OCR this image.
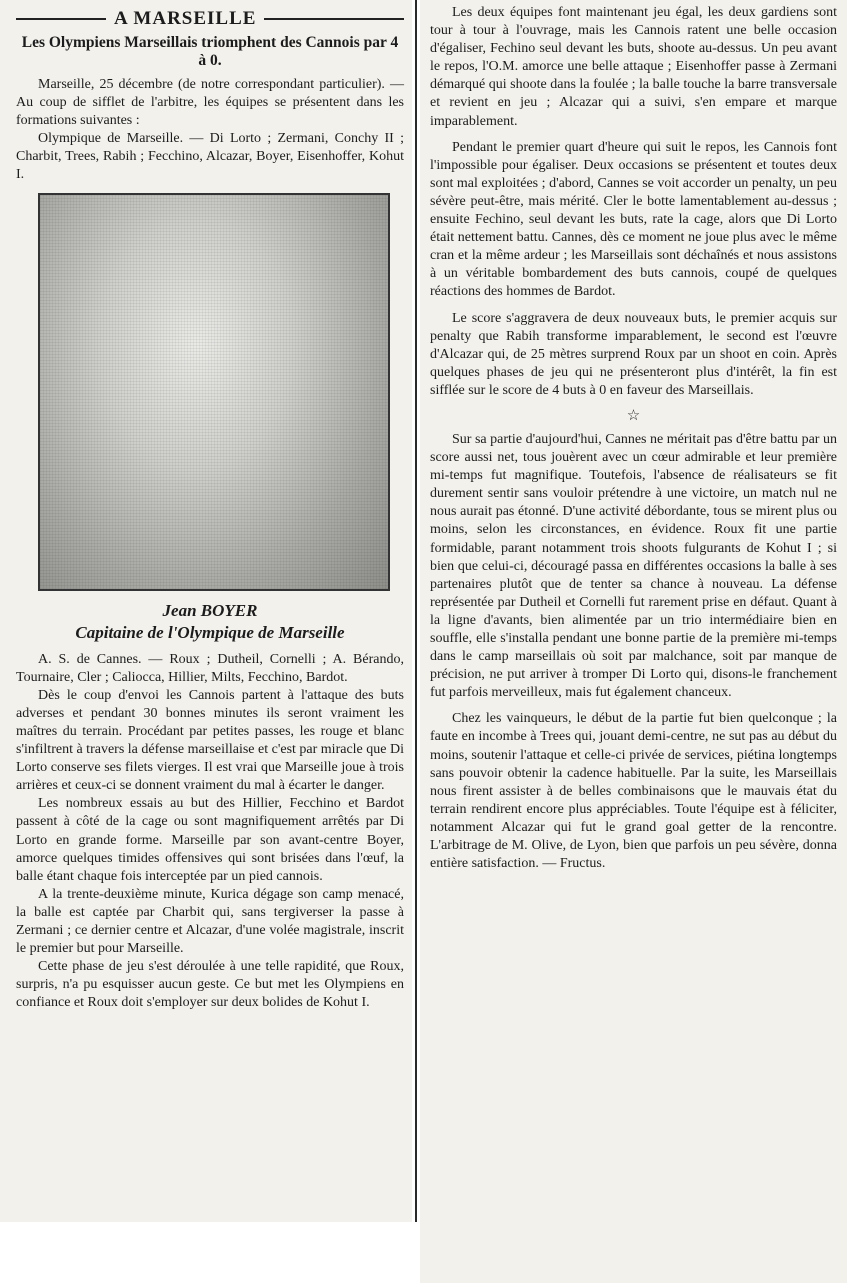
A MARSEILLE
Les Olympiens Marseillais triomphent des Cannois par 4 à 0.

Marseille, 25 décembre (de notre correspondant particulier). — Au coup de sifflet de l'arbitre, les équipes se présentent dans les formations suivantes :

Olympique de Marseille. — Di Lorto ; Zermani, Conchy II ; Charbit, Trees, Rabih ; Fecchino, Alcazar, Boyer, Eisenhoffer, Kohut I.

Jean BOYER
Capitaine de l'Olympique de Marseille

A. S. de Cannes. — Roux ; Dutheil, Cornelli ; A. Bérando, Tournaire, Cler ; Caliocca, Hillier, Milts, Fecchino, Bardot.

Dès le coup d'envoi les Cannois partent à l'attaque des buts adverses et pendant 30 bonnes minutes ils seront vraiment les maîtres du terrain. Procédant par petites passes, les rouge et blanc s'infiltrent à travers la défense marseillaise et c'est par miracle que Di Lorto conserve ses filets vierges. Il est vrai que Marseille joue à trois arrières et ceux-ci se donnent vraiment du mal à écarter le danger.

Les nombreux essais au but des Hillier, Fecchino et Bardot passent à côté de la cage ou sont magnifiquement arrêtés par Di Lorto en grande forme. Marseille par son avant-centre Boyer, amorce quelques timides offensives qui sont brisées dans l'œuf, la balle étant chaque fois interceptée par un pied cannois.

A la trente-deuxième minute, Kurica dégage son camp menacé, la balle est captée par Charbit qui, sans tergiverser la passe à Zermani ; ce dernier centre et Alcazar, d'une volée magistrale, inscrit le premier but pour Marseille.

Cette phase de jeu s'est déroulée à une telle rapidité, que Roux, surpris, n'a pu esquisser aucun geste. Ce but met les Olympiens en confiance et Roux doit s'employer sur deux bolides de Kohut I.

Les deux équipes font maintenant jeu égal, les deux gardiens sont tour à tour à l'ouvrage, mais les Cannois ratent une belle occasion d'égaliser, Fechino seul devant les buts, shoote au-dessus. Un peu avant le repos, l'O.M. amorce une belle attaque ; Eisenhoffer passe à Zermani démarqué qui shoote dans la foulée ; la balle touche la barre transversale et revient en jeu ; Alcazar qui a suivi, s'en empare et marque imparablement.

Pendant le premier quart d'heure qui suit le repos, les Cannois font l'impossible pour égaliser. Deux occasions se présentent et toutes deux sont mal exploitées ; d'abord, Cannes se voit accorder un penalty, un peu sévère peut-être, mais mérité. Cler le botte lamentablement au-dessus ; ensuite Fechino, seul devant les buts, rate la cage, alors que Di Lorto était nettement battu. Cannes, dès ce moment ne joue plus avec le même cran et la même ardeur ; les Marseillais sont déchaînés et nous assistons à un véritable bombardement des buts cannois, coupé de quelques réactions des hommes de Bardot.

Le score s'aggravera de deux nouveaux buts, le premier acquis sur penalty que Rabih transforme imparablement, le second est l'œuvre d'Alcazar qui, de 25 mètres surprend Roux par un shoot en coin. Après quelques phases de jeu qui ne présenteront plus d'intérêt, la fin est sifflée sur le score de 4 buts à 0 en faveur des Marseillais.

☆

Sur sa partie d'aujourd'hui, Cannes ne méritait pas d'être battu par un score aussi net, tous jouèrent avec un cœur admirable et leur première mi-temps fut magnifique. Toutefois, l'absence de réalisateurs se fit durement sentir sans vouloir prétendre à une victoire, un match nul ne nous aurait pas étonné. D'une activité débordante, tous se mirent plus ou moins, selon les circonstances, en évidence. Roux fit une partie formidable, parant notamment trois shoots fulgurants de Kohut I ; si bien que celui-ci, découragé passa en différentes occasions la balle à ses partenaires plutôt que de tenter sa chance à nouveau. La défense représentée par Dutheil et Cornelli fut rarement prise en défaut. Quant à la ligne d'avants, bien alimentée par un trio intermédiaire bien en souffle, elle s'installa pendant une bonne partie de la première mi-temps dans le camp marseillais où soit par malchance, soit par manque de précision, ne put arriver à tromper Di Lorto qui, disons-le franchement fut parfois merveilleux, mais fut également chanceux.

Chez les vainqueurs, le début de la partie fut bien quelconque ; la faute en incombe à Trees qui, jouant demi-centre, ne sut pas au début du moins, soutenir l'attaque et celle-ci privée de services, piétina longtemps sans pouvoir obtenir la cadence habituelle. Par la suite, les Marseillais nous firent assister à de belles combinaisons que le mauvais état du terrain rendirent encore plus appréciables. Toute l'équipe est à féliciter, notamment Alcazar qui fut le grand goal getter de la rencontre. L'arbitrage de M. Olive, de Lyon, bien que parfois un peu sévère, donna entière satisfaction. — Fructus.
